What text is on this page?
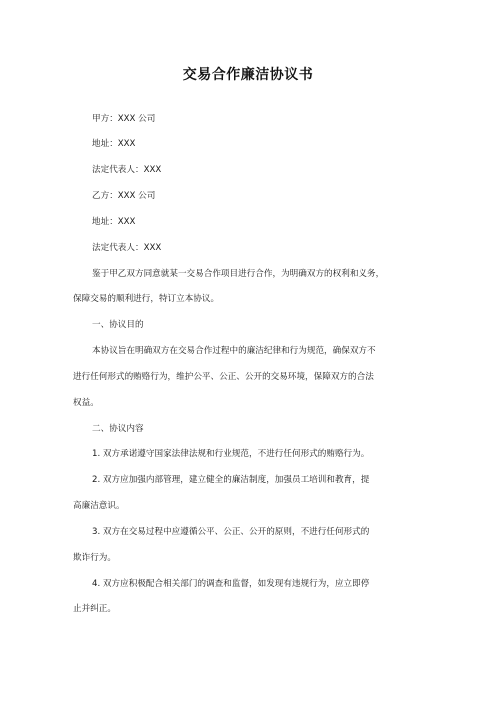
交易合作廉洁协议书
甲方：XXX 公司
地址：XXX
法定代表人：XXX
乙方：XXX 公司
地址：XXX
法定代表人：XXX
鉴于甲乙双方同意就某一交易合作项目进行合作，为明确双方的权利和义务，
保障交易的顺利进行，特订立本协议。
一、协议目的
本协议旨在明确双方在交易合作过程中的廉洁纪律和行为规范，确保双方不
进行任何形式的贿赂行为，维护公平、公正、公开的交易环境，保障双方的合法
权益。
二、协议内容
1. 双方承诺遵守国家法律法规和行业规范，不进行任何形式的贿赂行为。
2. 双方应加强内部管理，建立健全的廉洁制度，加强员工培训和教育，提
高廉洁意识。
3. 双方在交易过程中应遵循公平、公正、公开的原则，不进行任何形式的
欺诈行为。
4. 双方应积极配合相关部门的调查和监督，如发现有违规行为，应立即停
止并纠正。
